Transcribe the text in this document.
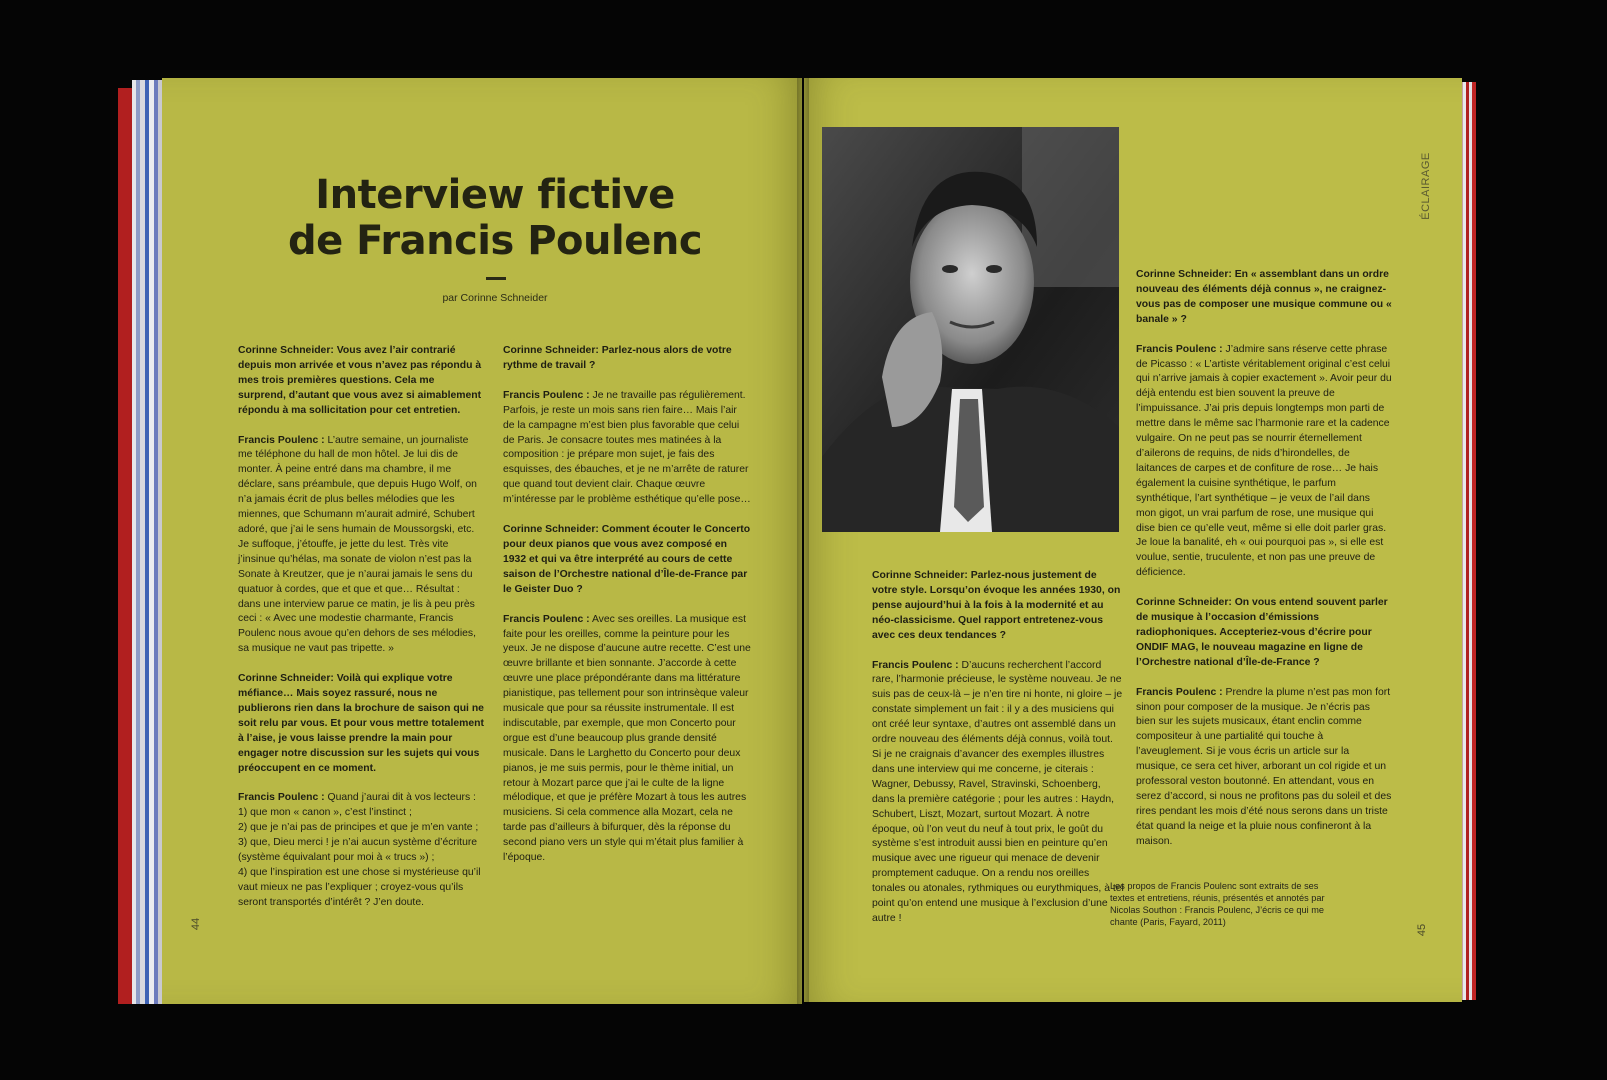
Interview fictive
de Francis Poulenc
par Corinne Schneider

Corinne Schneider: Vous avez l’air contrarié depuis mon arrivée et vous n’avez pas répondu à mes trois premières questions. Cela me surprend, d’autant que vous avez si aimablement répondu à ma sollicitation pour cet entretien.

Francis Poulenc : L’autre semaine, un journaliste me téléphone du hall de mon hôtel. Je lui dis de monter. À peine entré dans ma chambre, il me déclare, sans préambule, que depuis Hugo Wolf, on n’a jamais écrit de plus belles mélodies que les miennes, que Schumann m’aurait admiré, Schubert adoré, que j’ai le sens humain de Moussorgski, etc. Je suffoque, j’étouffe, je jette du lest. Très vite j’insinue qu’hélas, ma sonate de violon n’est pas la Sonate à Kreutzer, que je n’aurai jamais le sens du quatuor à cordes, que et que et que… Résultat : dans une interview parue ce matin, je lis à peu près ceci : « Avec une modestie charmante, Francis Poulenc nous avoue qu’en dehors de ses mélodies, sa musique ne vaut pas tripette. »

Corinne Schneider: Voilà qui explique votre méfiance… Mais soyez rassuré, nous ne publierons rien dans la brochure de saison qui ne soit relu par vous. Et pour vous mettre totalement à l’aise, je vous laisse prendre la main pour engager notre discussion sur les sujets qui vous préoccupent en ce moment.

Francis Poulenc : Quand j’aurai dit à vos lecteurs :

1) que mon « canon », c’est l’instinct ;
2) que je n’ai pas de principes et que je m’en vante ;
3) que, Dieu merci ! je n’ai aucun système d’écriture (système équivalant pour moi à « trucs ») ;
4) que l’inspiration est une chose si mystérieuse qu’il vaut mieux ne pas l’expliquer ; croyez-vous qu’ils seront transportés d’intérêt ? J’en doute.

Corinne Schneider: Parlez-nous alors de votre rythme de travail ?

Francis Poulenc : Je ne travaille pas régulièrement. Parfois, je reste un mois sans rien faire… Mais l’air de la campagne m’est bien plus favorable que celui de Paris. Je consacre toutes mes matinées à la composition : je prépare mon sujet, je fais des esquisses, des ébauches, et je ne m’arrête de raturer que quand tout devient clair. Chaque œuvre m’intéresse par le problème esthétique qu’elle pose…

Corinne Schneider: Comment écouter le Concerto pour deux pianos que vous avez composé en 1932 et qui va être interprété au cours de cette saison de l’Orchestre national d’Île-de-France par le Geister Duo ?

Francis Poulenc : Avec ses oreilles. La musique est faite pour les oreilles, comme la peinture pour les yeux. Je ne dispose d’aucune autre recette. C’est une œuvre brillante et bien sonnante. J’accorde à cette œuvre une place prépondérante dans ma littérature pianistique, pas tellement pour son intrinsèque valeur musicale que pour sa réussite instrumentale. Il est indiscutable, par exemple, que mon Concerto pour orgue est d’une beaucoup plus grande densité musicale. Dans le Larghetto du Concerto pour deux pianos, je me suis permis, pour le thème initial, un retour à Mozart parce que j’ai le culte de la ligne mélodique, et que je préfère Mozart à tous les autres musiciens. Si cela commence alla Mozart, cela ne tarde pas d’ailleurs à bifurquer, dès la réponse du second piano vers un style qui m’était plus familier à l’époque.

Corinne Schneider: Parlez-nous justement de votre style. Lorsqu’on évoque les années 1930, on pense aujourd’hui à la fois à la modernité et au néo-classicisme. Quel rapport entretenez-vous avec ces deux tendances ?

Francis Poulenc : D’aucuns recherchent l’accord rare, l’harmonie précieuse, le système nouveau. Je ne suis pas de ceux-là – je n’en tire ni honte, ni gloire – je constate simplement un fait : il y a des musiciens qui ont créé leur syntaxe, d’autres ont assemblé dans un ordre nouveau des éléments déjà connus, voilà tout. Si je ne craignais d’avancer des exemples illustres dans une interview qui me concerne, je citerais : Wagner, Debussy, Ravel, Stravinski, Schoenberg, dans la première catégorie ; pour les autres : Haydn, Schubert, Liszt, Mozart, surtout Mozart. À notre époque, où l’on veut du neuf à tout prix, le goût du système s’est introduit aussi bien en peinture qu’en musique avec une rigueur qui menace de devenir promptement caduque. On a rendu nos oreilles tonales ou atonales, rythmiques ou eurythmiques, à tel point qu’on entend une musique à l’exclusion d’une autre !

Corinne Schneider: En « assemblant dans un ordre nouveau des éléments déjà connus », ne craignez-vous pas de composer une musique commune ou « banale » ?

Francis Poulenc : J’admire sans réserve cette phrase de Picasso : « L’artiste véritablement original c’est celui qui n’arrive jamais à copier exactement ». Avoir peur du déjà entendu est bien souvent la preuve de l’impuissance. J’ai pris depuis longtemps mon parti de mettre dans le même sac l’harmonie rare et la cadence vulgaire. On ne peut pas se nourrir éternellement d’ailerons de requins, de nids d’hirondelles, de laitances de carpes et de confiture de rose… Je hais également la cuisine synthétique, le parfum synthétique, l’art synthétique – je veux de l’ail dans mon gigot, un vrai parfum de rose, une musique qui dise bien ce qu’elle veut, même si elle doit parler gras. Je loue la banalité, eh « oui pourquoi pas », si elle est voulue, sentie, truculente, et non pas une preuve de déficience.

Corinne Schneider: On vous entend souvent parler de musique à l’occasion d’émissions radiophoniques. Accepteriez-vous d’écrire pour ONDIF MAG, le nouveau magazine en ligne de l’Orchestre national d’Île-de-France ?

Francis Poulenc : Prendre la plume n’est pas mon fort sinon pour composer de la musique. Je n’écris pas bien sur les sujets musicaux, étant enclin comme compositeur à une partialité qui touche à l’aveuglement. Si je vous écris un article sur la musique, ce sera cet hiver, arborant un col rigide et un professoral veston boutonné. En attendant, vous en serez d’accord, si nous ne profitons pas du soleil et des rires pendant les mois d’été nous serons dans un triste état quand la neige et la pluie nous confineront à la maison.

Les propos de Francis Poulenc sont extraits de ses textes et entretiens, réunis, présentés et annotés par Nicolas Southon : Francis Poulenc, J’écris ce qui me chante (Paris, Fayard, 2011)
ÉCLAIRAGE
44	45
